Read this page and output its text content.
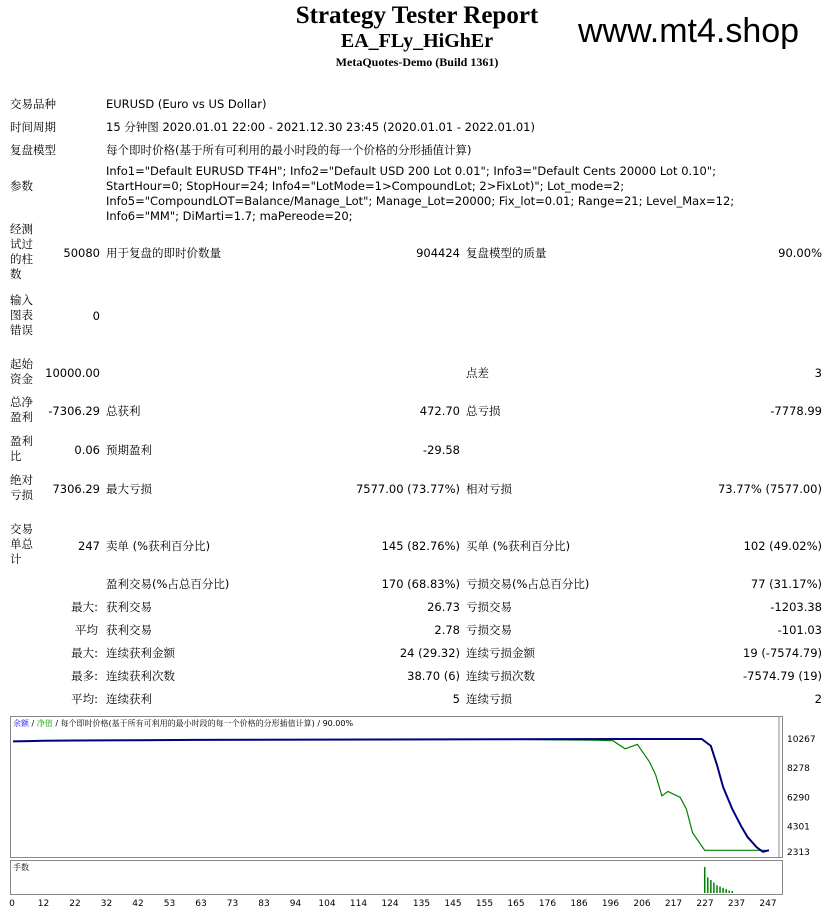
Strategy Tester Report
EA_FLy_HiGhEr
MetaQuotes-Demo (Build 1361)
www.mt4.shop
交易品种	EURUSD (Euro vs US Dollar)
时间周期	15 分钟图 2020.01.01 22:00 - 2021.12.30 23:45 (2020.01.01 - 2022.01.01)
复盘模型	每个即时价格(基于所有可利用的最小时段的每一个价格的分形插值计算)
参数
Info1="Default EURUSD TF4H"; Info2="Default USD 200 Lot 0.01"; Info3="Default Cents 20000 Lot 0.10"; StartHour=0; StopHour=24; Info4="LotMode=1>CompoundLot; 2>FixLot)"; Lot_mode=2; Info5="CompoundLOT=Balance/Manage_Lot"; Manage_Lot=20000; Fix_lot=0.01; Range=21; Level_Max=12; Info6="MM"; DiMarti=1.7; maPereode=20;
经测试过的柱数
50080 用于复盘的即时价数量	904424 复盘模型的质量	90.00%
输入图表错误
0
起始资金	10000.00	点差	3
总净盈利	-7306.29 总获利	472.70 总亏损	-7778.99
盈利比	0.06 预期盈利	-29.58
绝对亏损	7306.29 最大亏损	7577.00 (73.77%) 相对亏损	73.77% (7577.00)
交易单总计
247 卖单 (%获利百分比)	145 (82.76%) 买单 (%获利百分比)	102 (49.02%)
盈利交易(%占总百分比)	170 (68.83%) 亏损交易(%占总百分比)	77 (31.17%)
最大: 获利交易	26.73 亏损交易	-1203.38
平均 获利交易	2.78 亏损交易	-101.03
最大: 连续获利金额	24 (29.32) 连续亏损金额	19 (-7574.79)
最多: 连续获利次数	38.70 (6) 连续亏损次数	-7574.79 (19)
平均: 连续获利	5 连续亏损	2
余额 / 净值 / 每个即时价格(基于所有可利用的最小时段的每一个价格的分形插值计算) / 90.00%
10267
8278
6290
4301
2313
手数
0	12 22 32 42 53 63 73 83 94 104 114 124 135 145 155 165 176 186 196 206 217 227 237 247
